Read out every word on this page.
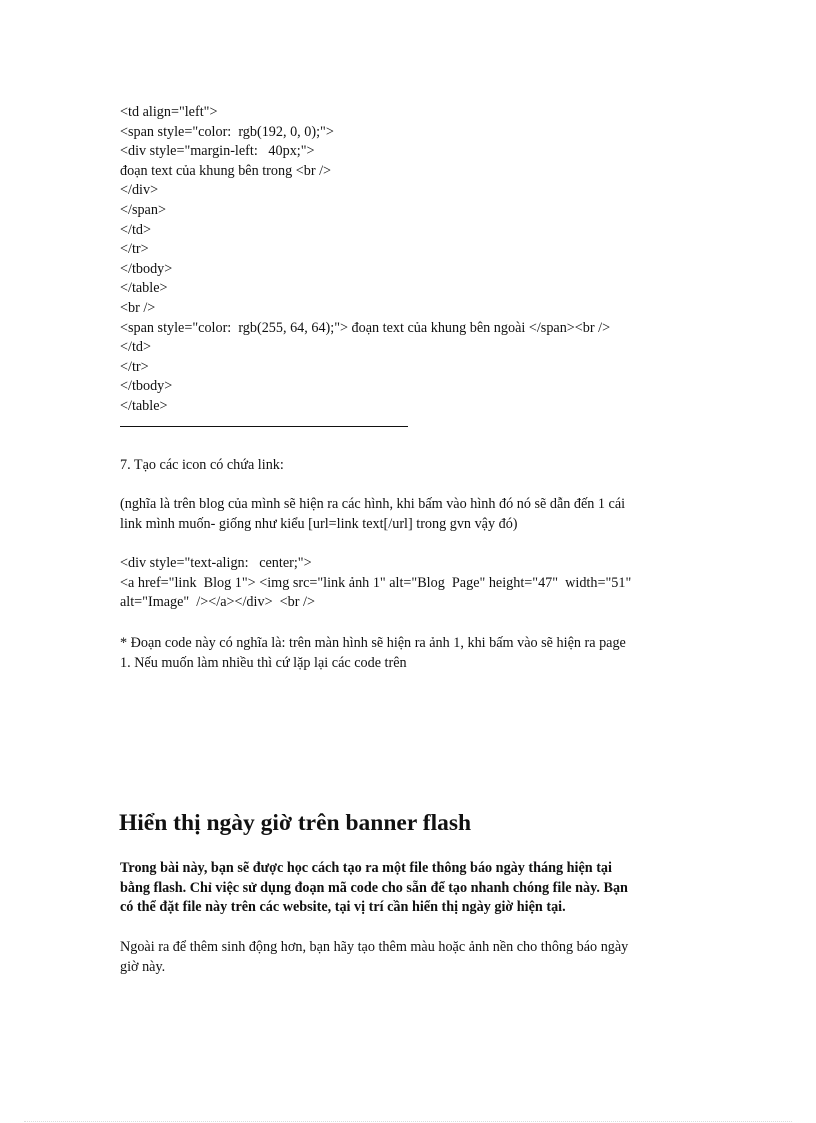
<td align="left">
<span style="color:  rgb(192, 0, 0);">
<div style="margin-left:   40px;">
đoạn text của khung bên trong <br />
</div>
</span>
</td>
</tr>
</tbody>
</table>
<br />
<span style="color:  rgb(255, 64, 64);"> đoạn text của khung bên ngoài </span><br />
</td>
</tr>
</tbody>
</table>
7. Tạo các icon có chứa link:
(nghĩa là trên blog của mình sẽ hiện ra các hình, khi bấm vào hình đó nó sẽ dẫn đến 1 cái
link mình muốn- giống như kiểu [url=link text[/url] trong gvn vậy đó)
<div style="text-align:   center;">
<a href="link  Blog 1"> <img src="link ảnh 1" alt="Blog  Page" height="47"  width="51"
alt="Image"  /></a></div>  <br />
* Đoạn code này có nghĩa là: trên màn hình sẽ hiện ra ảnh 1, khi bấm vào sẽ hiện ra page
1. Nếu muốn làm nhiều thì cứ lặp lại các code trên
Hiển thị ngày giờ trên banner flash
Trong bài này, bạn sẽ được học cách tạo ra một file thông báo ngày tháng hiện tại
bằng flash. Chỉ việc sử dụng đoạn mã code cho sẵn để tạo nhanh chóng file này. Bạn
có thể đặt file này trên các website, tại vị trí cần hiển thị ngày giờ hiện tại.
Ngoài ra để thêm sinh động hơn, bạn hãy tạo thêm màu hoặc ảnh nền cho thông báo ngày
giờ này.
